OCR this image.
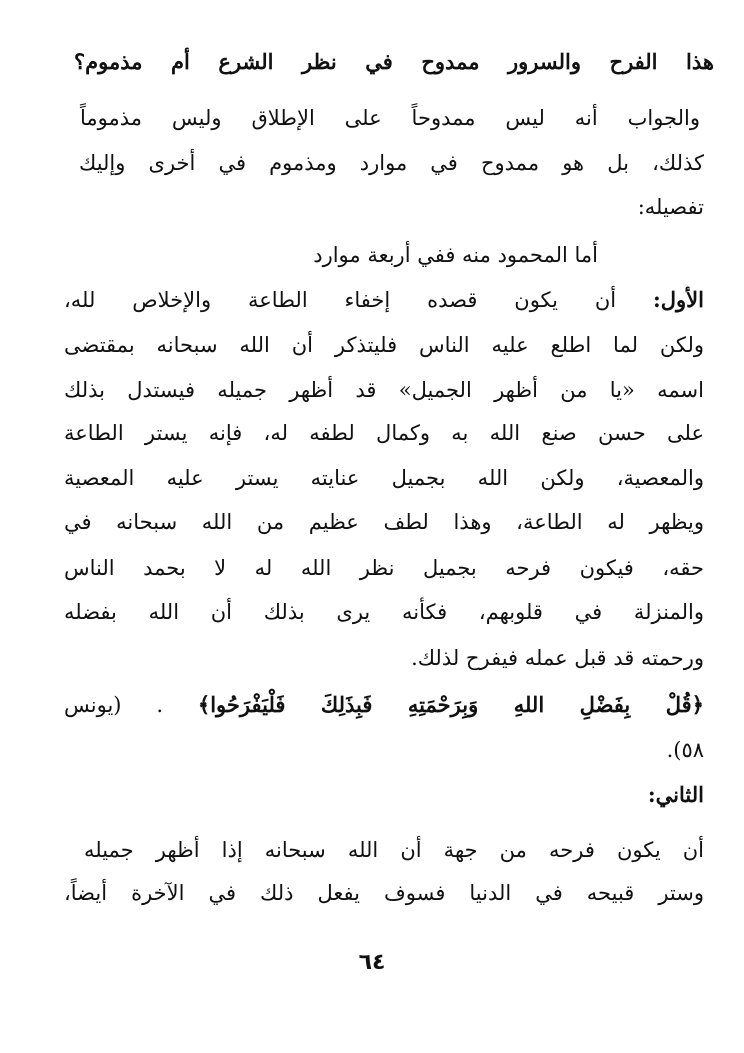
هذا الفرح والسرور ممدوح في نظر الشرع أم مذموم؟
والجواب أنه ليس ممدوحاً على الإطلاق وليس مذموماً
كذلك، بل هو ممدوح في موارد ومذموم في أخرى وإليك
تفصيله:
أما المحمود منه ففي أربعة موارد
الأول: أن يكون قصده إخفاء الطاعة والإخلاص لله،
ولكن لما اطلع عليه الناس فليتذكر أن الله سبحانه بمقتضى
اسمه «يا من أظهر الجميل» قد أظهر جميله فيستدل بذلك
على حسن صنع الله به وكمال لطفه له، فإنه يستر الطاعة
والمعصية، ولكن الله بجميل عنايته يستر عليه المعصية
ويظهر له الطاعة، وهذا لطف عظيم من الله سبحانه في
حقه، فيكون فرحه بجميل نظر الله له لا بحمد الناس
والمنزلة في قلوبهم، فكأنه يرى بذلك أن الله بفضله
ورحمته قد قبل عمله فيفرح لذلك.
﴿قُلْ بِفَضْلِ اللهِ وَبِرَحْمَتِهِ فَبِذَلِكَ فَلْيَفْرَحُوا﴾ . (يونس
٥٨).
الثاني:
أن يكون فرحه من جهة أن الله سبحانه إذا أظهر جميله
وستر قبيحه في الدنيا فسوف يفعل ذلك في الآخرة أيضاً،
٦٤
